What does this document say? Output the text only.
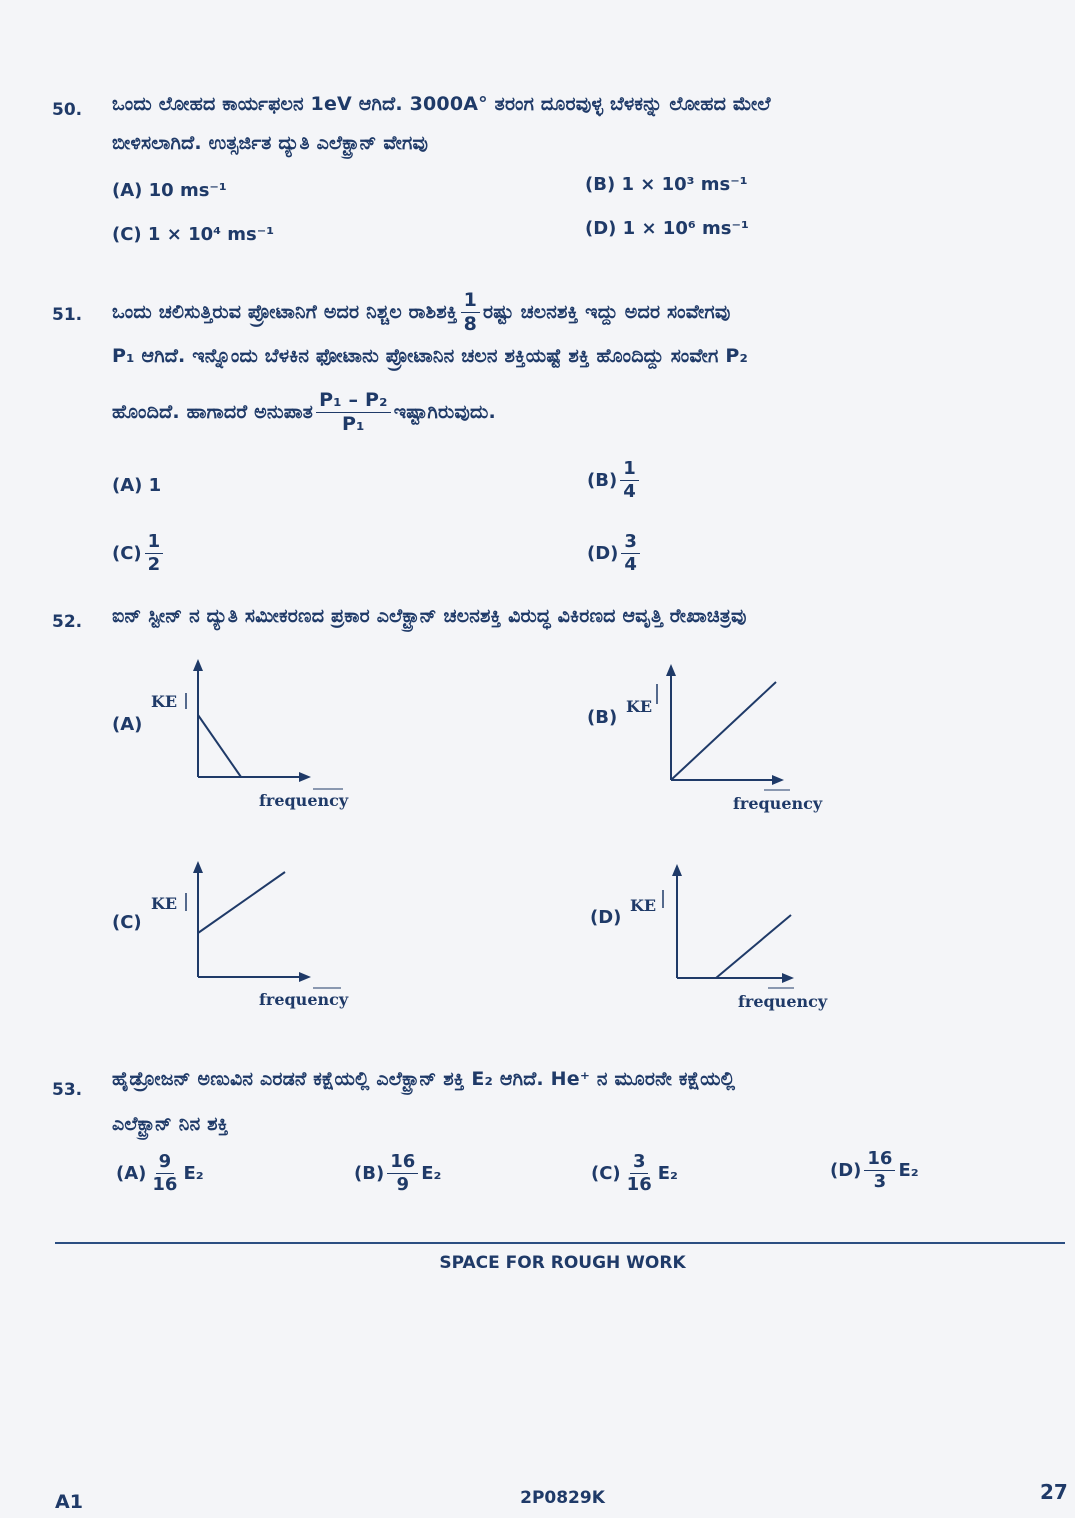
50. ಒಂದು ಲೋಹದ ಕಾರ್ಯಫಲನ 1eV ಆಗಿದೆ. 3000A° ತರಂಗ ದೂರವುಳ್ಳ ಬೆಳಕನ್ನು ಲೋಹದ ಮೇಲೆ
ಬೀಳಿಸಲಾಗಿದೆ. ಉತ್ಸರ್ಜಿತ ದ್ಯುತಿ ಎಲೆಕ್ಟ್ರಾನ್ ವೇಗವು
(A) 10 ms⁻¹	(B) 1 × 10³ ms⁻¹
(C) 1 × 10⁴ ms⁻¹	(D) 1 × 10⁶ ms⁻¹
51. ಒಂದು ಚಲಿಸುತ್ತಿರುವ ಪ್ರೋಟಾನಿಗೆ ಅದರ ನಿಶ್ಚಲ ರಾಶಿಶಕ್ತಿ $\frac{1}{8}$ ರಷ್ಟು ಚಲನಶಕ್ತಿ ಇದ್ದು ಅದರ ಸಂವೇಗವು
P₁ ಆಗಿದೆ. ಇನ್ನೊಂದು ಬೆಳಕಿನ ಫೋಟಾನು ಪ್ರೋಟಾನಿನ ಚಲನ ಶಕ್ತಿಯಷ್ಟೆ ಶಕ್ತಿ ಹೊಂದಿದ್ದು ಸಂವೇಗ P₂
ಹೊಂದಿದೆ. ಹಾಗಾದರೆ ಅನುಪಾತ $\frac{\text{P₁ – P₂}}{\text{P₁}}$ ಇಷ್ಟಾಗಿರುವುದು.
(A) 1	$(B) \frac{1}{4}$
$(C) \frac{1}{2}$	$(D) \frac{3}{4}$
52. ಐನ್ ಸ್ಟೀನ್ ನ ದ್ಯುತಿ ಸಮೀಕರಣದ ಪ್ರಕಾರ ಎಲೆಕ್ಟ್ರಾನ್ ಚಲನಶಕ್ತಿ ವಿರುದ್ಧ ವಿಕಿರಣದ ಆವೃತ್ತಿ ರೇಖಾಚಿತ್ರವು
(A)
KE
frequency
(B)
KE
frequency
(C)
KE
frequency
(D)
KE
frequency
53. ಹೈಡ್ರೋಜನ್ ಅಣುವಿನ ಎರಡನೆ ಕಕ್ಷೆಯಲ್ಲಿ ಎಲೆಕ್ಟ್ರಾನ್ ಶಕ್ತಿ E₂ ಆಗಿದೆ. He⁺ ನ ಮೂರನೇ ಕಕ್ಷೆಯಲ್ಲಿ
ಎಲೆಕ್ಟ್ರಾನ್ ನಿನ ಶಕ್ತಿ
$(A) \frac{9}{16} E_2$	$(B) \frac{16}{9} E_2$	$(C) \frac{3}{16} E_2$	$(D) \frac{16}{3} E_2$
SPACE FOR ROUGH WORK
A1	2P0829K	27
